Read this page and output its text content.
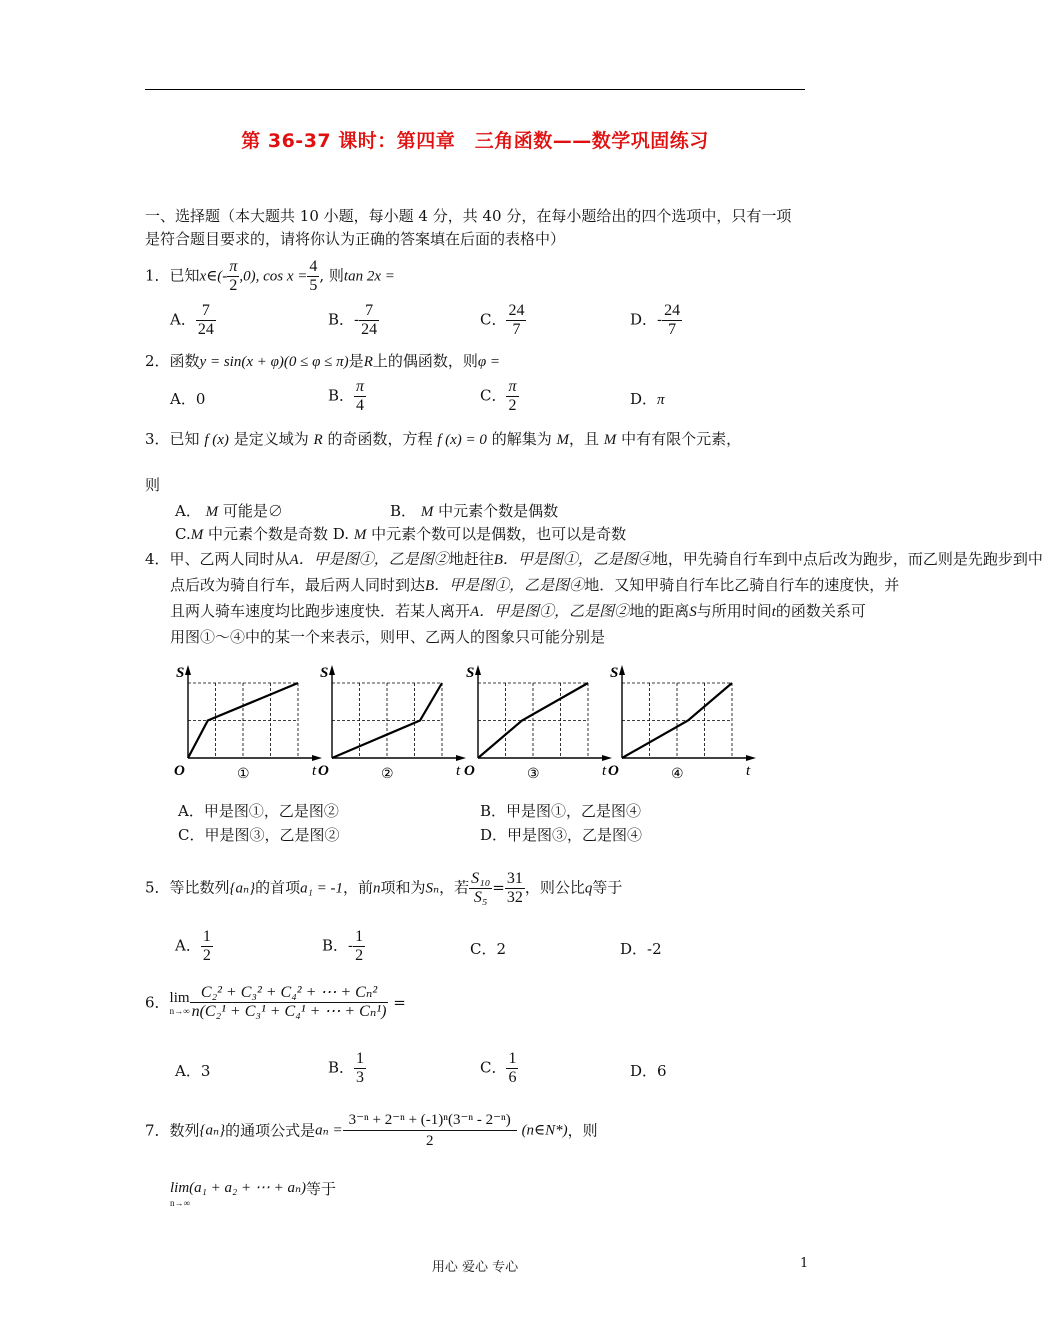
第 36-37 课时：第四章　三角函数——数学巩固练习
一、选择题（本大题共 10 小题，每小题 4 分，共 40 分，在每小题给出的四个选项中，只有一项
是符合题目要求的，请将你认为正确的答案填在后面的表格中）
1．已知x∈(- $\frac{\pi}{2} ,0$), $\cos x = \frac{4}{5}$ , 则tan 2x =
A． $\frac{7}{24}$	B．- $\frac{7}{24}$	C． $\frac{24}{7}$	D．- $\frac{24}{7}$
2．函数y = sin(x + φ)(0 ≤ φ ≤ π)是R上的偶函数，则φ =
A．0	B． $\frac{\pi}{4}$	C． $\frac{\pi}{2}$	D．π
3．已知 f (x) 是定义域为 R 的奇函数，方程 f (x) = 0 的解集为 M，且 M 中有有限个元素，
则
A． M 可能是∅	B． M 中元素个数是偶数
C.M 中元素个数是奇数 D. M 中元素个数可以是偶数，也可以是奇数
4．甲、乙两人同时从A．甲是图①，乙是图②地赶往B．甲是图①，乙是图④地，甲先骑自行车到中点后改为跑步，而乙则是先跑步到中
点后改为骑自行车，最后两人同时到达B．甲是图①，乙是图④地．又知甲骑自行车比乙骑自行车的速度快，并
且两人骑车速度均比跑步速度快．若某人离开A．甲是图①，乙是图②地的距离S与所用时间t的函数关系可
用图①～④中的某一个来表示，则甲、乙两人的图象只可能分别是
S
O	t
①
S
O	t
②
S
O	t
③
S
O	t
④
A．甲是图①，乙是图②	B．甲是图①，乙是图④
C．甲是图③，乙是图②	D．甲是图③，乙是图④
5．等比数列{aₙ}的首项a₁ = -1，前n项和为Sₙ，若 $\frac{\text{S₁₀}}{\text{S₅}} = \frac{31}{32}$ ，则公比q等于
A． $\frac{1}{2}$	B．- $\frac{1}{2}$	C．2	D．-2
6． lim
$n\to\infty \frac{\text{C₂² + C₃² + C₄² + ⋯ + Cₙ²}}{\text{n(C₂¹ + C₃¹ + C₄¹ + ⋯ + Cₙ¹)}}$ =
A．3	B． $\frac{1}{3}$	C． $\frac{1}{6}$	D．6
7．数列{aₙ}的通项公式是$a_n = \frac{\text{3⁻ⁿ + 2⁻ⁿ + (-1)ⁿ(3⁻ⁿ - 2⁻ⁿ)}}{2}$ (n∈N*)，则
lim(a₁ + a₂ + ⋯ + aₙ)
n→∞
等于
用心 爱心 专心	1
